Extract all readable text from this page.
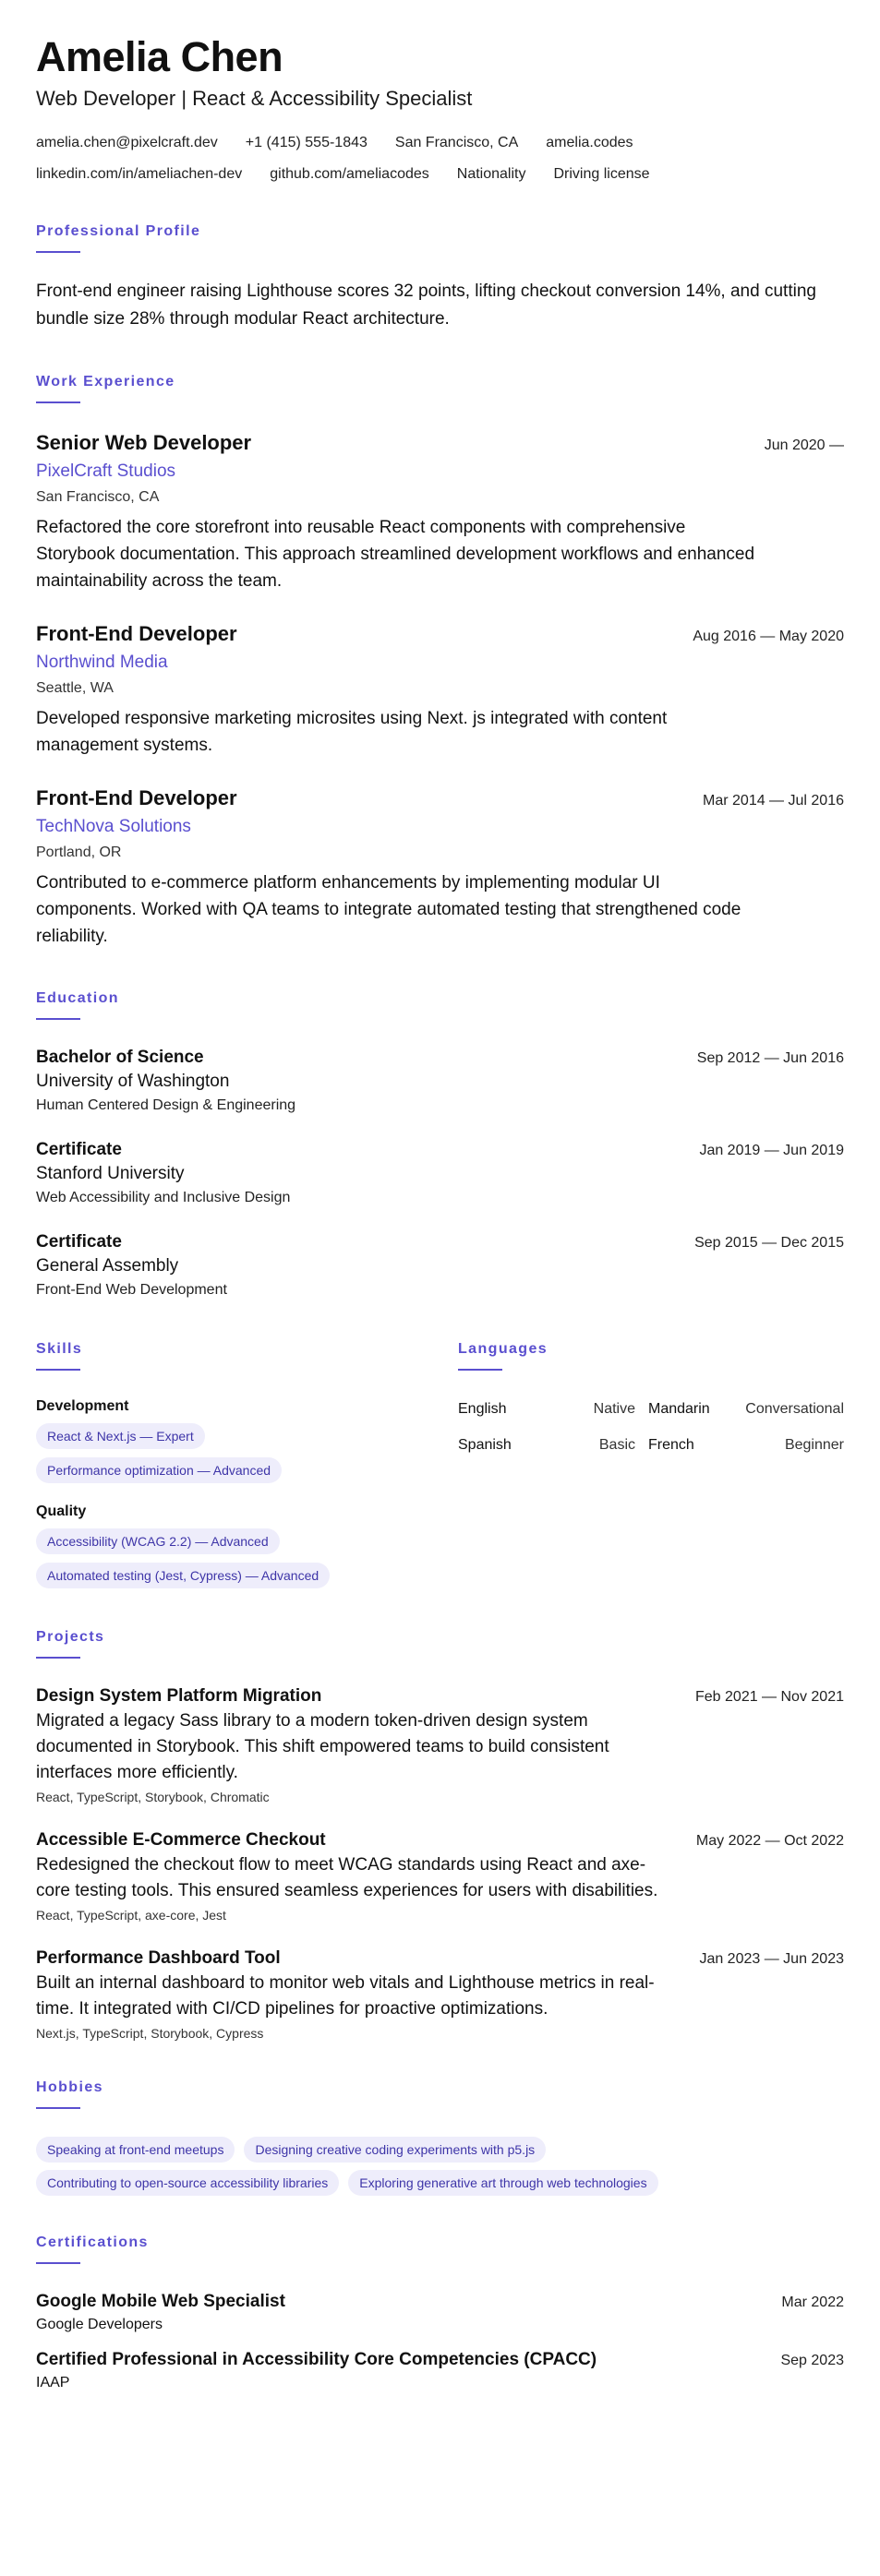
Amelia Chen
Web Developer | React & Accessibility Specialist
amelia.chen@pixelcraft.dev +1 (415) 555-1843 San Francisco, CA amelia.codes
linkedin.com/in/ameliachen-dev github.com/ameliacodes Nationality Driving license
Professional Profile

Front-end engineer raising Lighthouse scores 32 points, lifting checkout conversion 14%, and cutting bundle size 28% through modular React architecture.

Work Experience
Senior Web Developer	Jun 2020 —
PixelCraft Studios
San Francisco, CA

Refactored the core storefront into reusable React components with comprehensive Storybook documentation. This approach streamlined development workflows and enhanced maintainability across the team.

Front-End Developer	Aug 2016 — May 2020
Northwind Media
Seattle, WA

Developed responsive marketing microsites using Next. js integrated with content management systems.

Front-End Developer	Mar 2014 — Jul 2016
TechNova Solutions
Portland, OR

Contributed to e-commerce platform enhancements by implementing modular UI components. Worked with QA teams to integrate automated testing that strengthened code reliability.

Education
Bachelor of Science	Sep 2012 — Jun 2016
University of Washington
Human Centered Design & Engineering
Certificate	Jan 2019 — Jun 2019
Stanford University
Web Accessibility and Inclusive Design
Certificate	Sep 2015 — Dec 2015
General Assembly
Front-End Web Development
Skills
Development
React & Next.js — Expert
Performance optimization — Advanced
Quality
Accessibility (WCAG 2.2) — Advanced
Automated testing (Jest, Cypress) — Advanced
Languages
English	Native Mandarin Conversational
Spanish	Basic French	Beginner
Projects
Design System Platform Migration	Feb 2021 — Nov 2021

Migrated a legacy Sass library to a modern token-driven design system documented in Storybook. This shift empowered teams to build consistent interfaces more efficiently.

React, TypeScript, Storybook, Chromatic
Accessible E-Commerce Checkout	May 2022 — Oct 2022

Redesigned the checkout flow to meet WCAG standards using React and axe-core testing tools. This ensured seamless experiences for users with disabilities.

React, TypeScript, axe-core, Jest
Performance Dashboard Tool	Jan 2023 — Jun 2023

Built an internal dashboard to monitor web vitals and Lighthouse metrics in real-time. It integrated with CI/CD pipelines for proactive optimizations.

Next.js, TypeScript, Storybook, Cypress
Hobbies
Speaking at front-end meetups	Designing creative coding experiments with p5.js
Contributing to open-source accessibility libraries	Exploring generative art through web technologies
Certifications
Google Mobile Web Specialist	Mar 2022
Google Developers
Certified Professional in Accessibility Core Competencies (CPACC)	Sep 2023
IAAP
